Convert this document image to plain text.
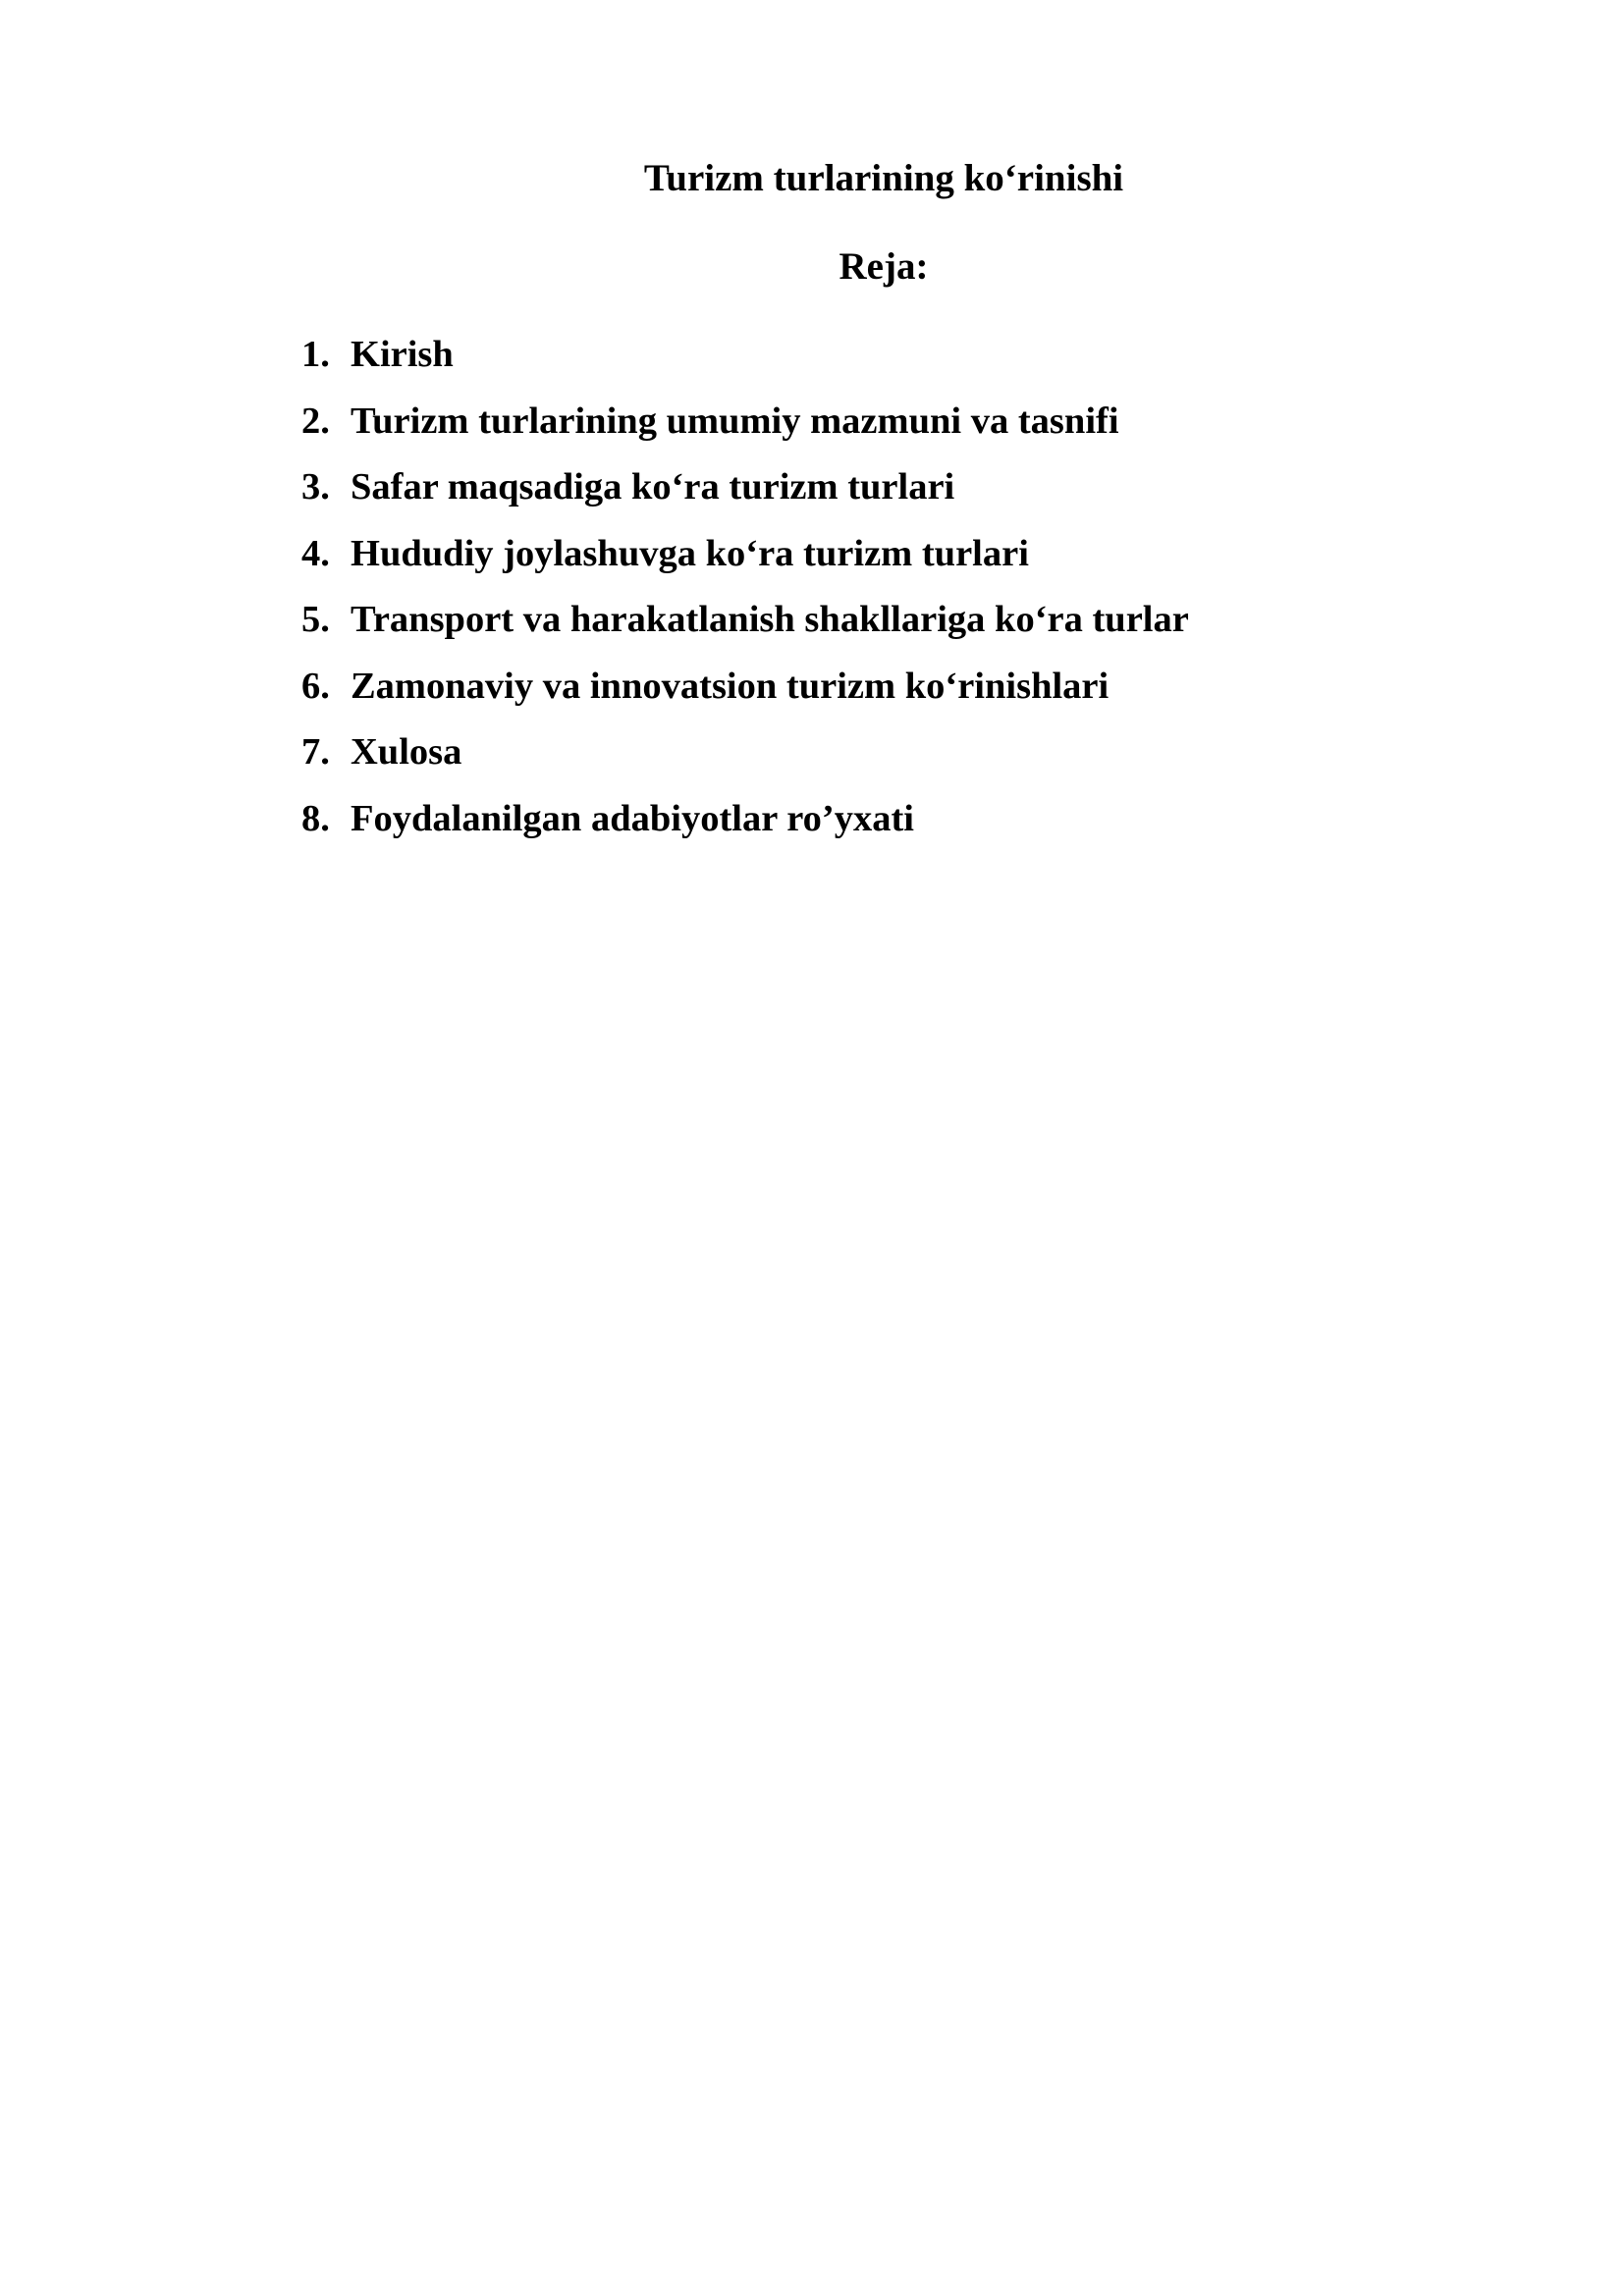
Turizm turlarining ko‘rinishi
Reja:
1. Kirish
2. Turizm turlarining umumiy mazmuni va tasnifi
3. Safar maqsadiga ko‘ra turizm turlari
4. Hududiy joylashuvga ko‘ra turizm turlari
5. Transport va harakatlanish shakllariga ko‘ra turlar
6. Zamonaviy va innovatsion turizm ko‘rinishlari
7. Xulosa
8. Foydalanilgan adabiyotlar ro’yxati
